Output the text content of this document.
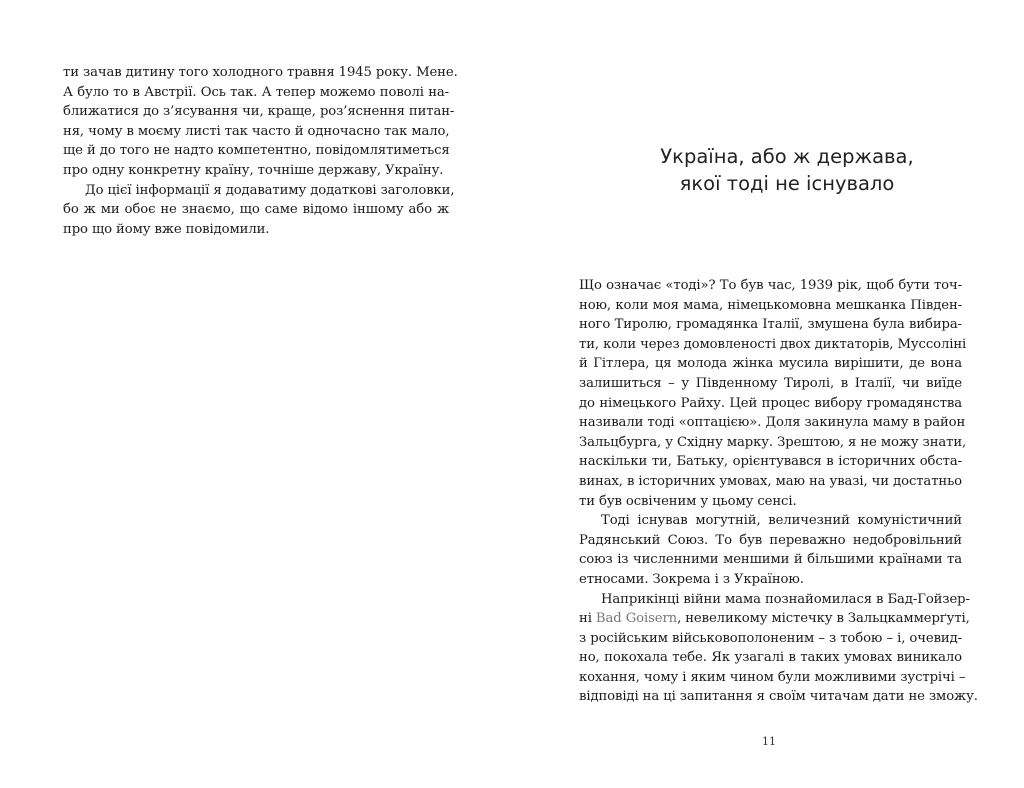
ти зачав дитину того холодного травня 1945 року. Мене.
А було то в Австрії. Ось так. А тепер можемо поволі на-
ближатися до з’ясування чи, краще, роз’яснення питан-
ня, чому в моєму листі так часто й одночасно так мало,
ще й до того не надто компетентно, повідомлятиметься
про одну конкретну країну, точніше державу, Україну.
До цієї інформації я додаватиму додаткові заголовки,
бо ж ми обоє не знаємо, що саме відомо іншому або ж
про що йому вже повідомили.
Україна, або ж держава,
якої тоді не існувало
Що означає «тоді»? То був час, 1939 рік, щоб бути точ-
ною, коли моя мама, німецькомовна мешканка Півден-
ного Тиролю, громадянка Італії, змушена була вибира-
ти, коли через домовленості двох диктаторів, Муссоліні
й Гітлера, ця молода жінка мусила вирішити, де вона
залишиться – у Південному Тиролі, в Італії, чи виїде
до німецького Райху. Цей процес вибору громадянства
називали тоді «оптацією». Доля закинула маму в район
Зальцбурга, у Східну марку. Зрештою, я не можу знати,
наскільки ти, Батьку, орієнтувався в історичних обста-
винах, в історичних умовах, маю на увазі, чи достатньо
ти був освіченим у цьому сенсі.
Тоді існував могутній, величезний комуністичний
Радянський Союз. То був переважно недобровільний
союз із численними меншими й більшими країнами та
етносами. Зокрема і з Україною.
Наприкінці війни мама познайомилася в Бад-Гойзер-
ні Bad Goisern, невеликому містечку в Зальцкаммерґуті,
з російським військовополоненим – з тобою – і, очевид-
но, покохала тебе. Як узагалі в таких умовах виникало
кохання, чому і яким чином були можливими зустрічі –
відповіді на ці запитання я своїм читачам дати не зможу.
11
